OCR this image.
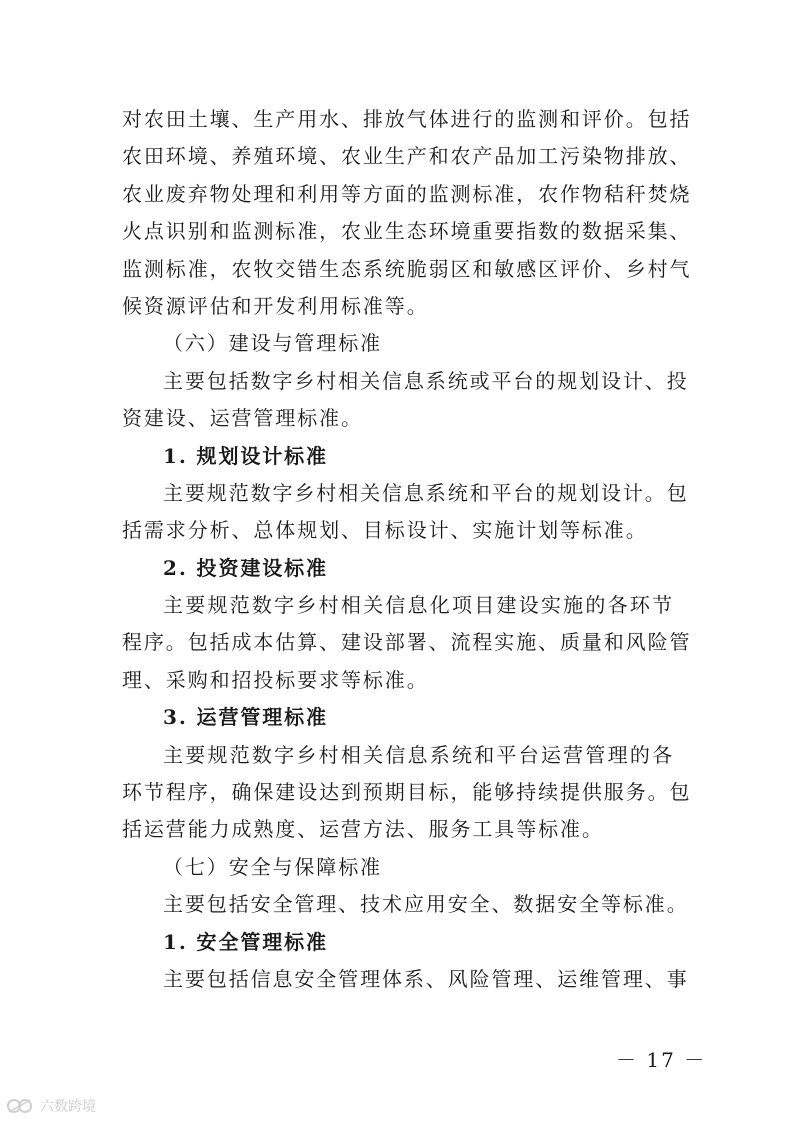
对农田土壤、生产用水、排放气体进行的监测和评价。包括
农田环境、养殖环境、农业生产和农产品加工污染物排放、
农业废弃物处理和利用等方面的监测标准，农作物秸秆焚烧
火点识别和监测标准，农业生态环境重要指数的数据采集、
监测标准，农牧交错生态系统脆弱区和敏感区评价、乡村气
候资源评估和开发利用标准等。
（六）建设与管理标准
主要包括数字乡村相关信息系统或平台的规划设计、投
资建设、运营管理标准。
1. 规划设计标准
主要规范数字乡村相关信息系统和平台的规划设计。包
括需求分析、总体规划、目标设计、实施计划等标准。
2. 投资建设标准
主要规范数字乡村相关信息化项目建设实施的各环节
程序。包括成本估算、建设部署、流程实施、质量和风险管
理、采购和招投标要求等标准。
3. 运营管理标准
主要规范数字乡村相关信息系统和平台运营管理的各
环节程序，确保建设达到预期目标，能够持续提供服务。包
括运营能力成熟度、运营方法、服务工具等标准。
（七）安全与保障标准
主要包括安全管理、技术应用安全、数据安全等标准。
1. 安全管理标准
主要包括信息安全管理体系、风险管理、运维管理、事
－ 17 －
六数跨境
